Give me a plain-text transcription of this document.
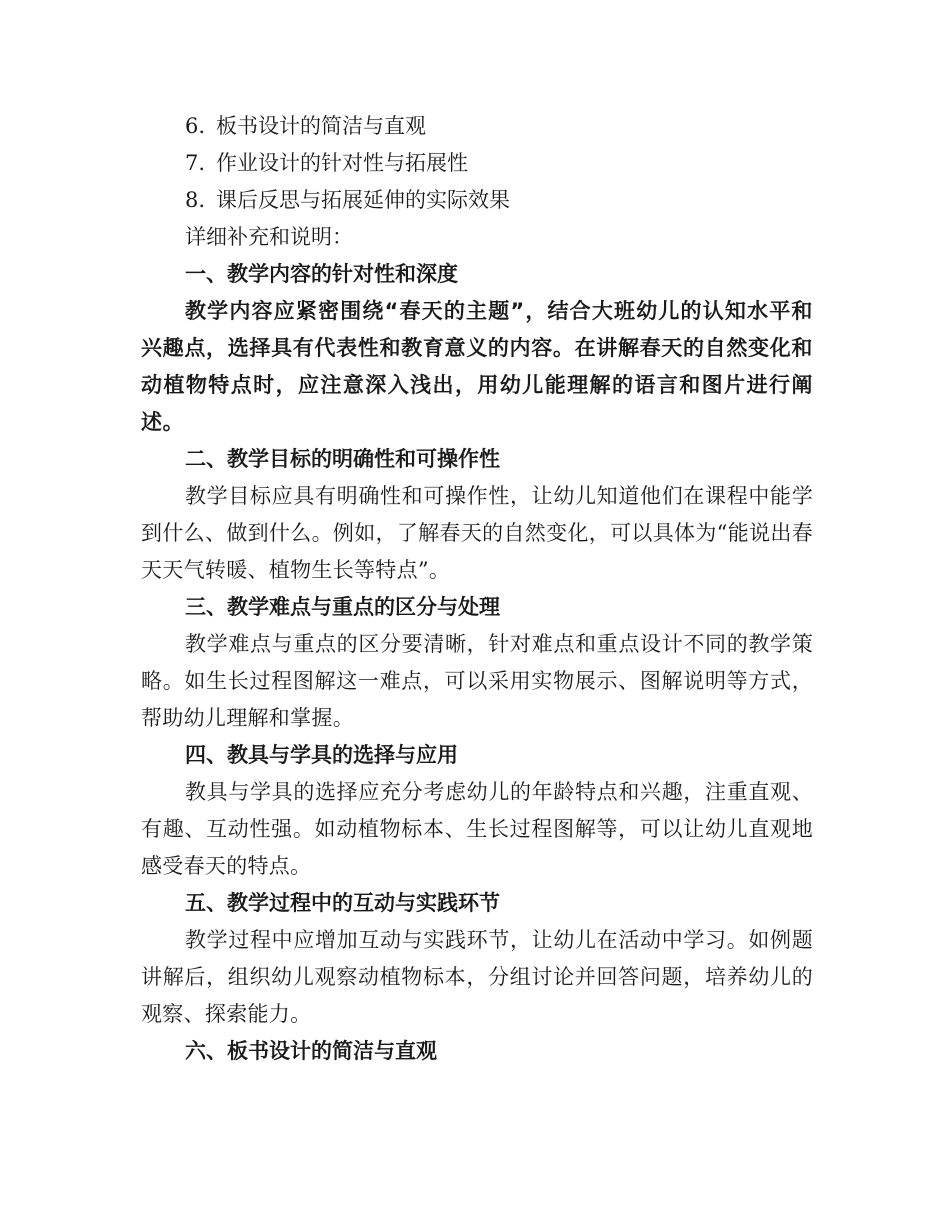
6. 板书设计的简洁与直观

7. 作业设计的针对性与拓展性

8. 课后反思与拓展延伸的实际效果

详细补充和说明：

一、教学内容的针对性和深度

教学内容应紧密围绕“春天的主题”，结合大班幼儿的认知水平和兴趣点，选择具有代表性和教育意义的内容。在讲解春天的自然变化和动植物特点时，应注意深入浅出，用幼儿能理解的语言和图片进行阐述。

二、教学目标的明确性和可操作性

教学目标应具有明确性和可操作性，让幼儿知道他们在课程中能学到什么、做到什么。例如，了解春天的自然变化，可以具体为“能说出春天天气转暖、植物生长等特点”。

三、教学难点与重点的区分与处理

教学难点与重点的区分要清晰，针对难点和重点设计不同的教学策略。如生长过程图解这一难点，可以采用实物展示、图解说明等方式，帮助幼儿理解和掌握。

四、教具与学具的选择与应用

教具与学具的选择应充分考虑幼儿的年龄特点和兴趣，注重直观、有趣、互动性强。如动植物标本、生长过程图解等，可以让幼儿直观地感受春天的特点。

五、教学过程中的互动与实践环节

教学过程中应增加互动与实践环节，让幼儿在活动中学习。如例题讲解后，组织幼儿观察动植物标本，分组讨论并回答问题，培养幼儿的观察、探索能力。

六、板书设计的简洁与直观
